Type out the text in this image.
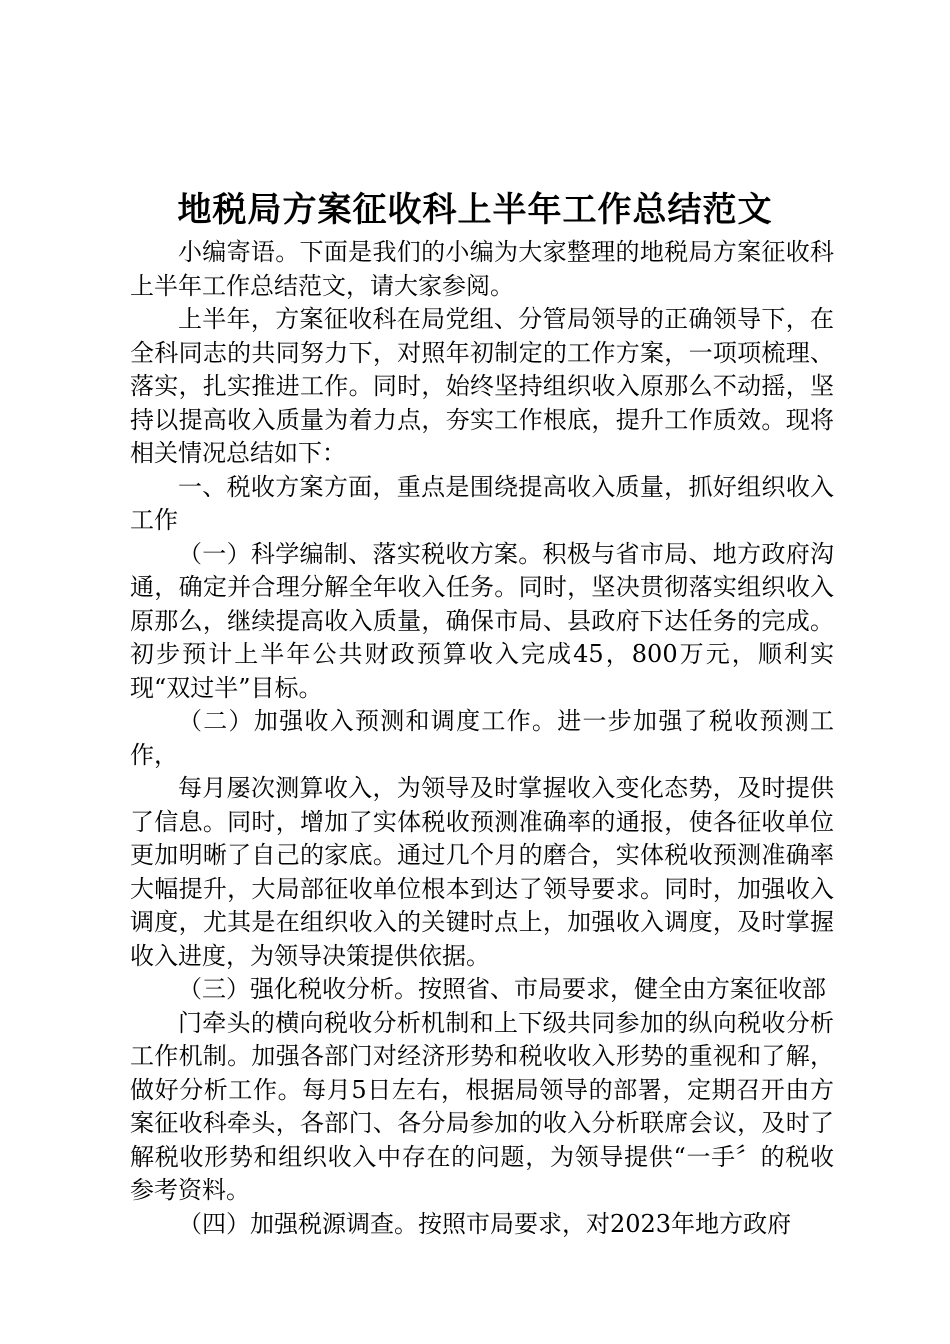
地税局方案征收科上半年工作总结范文

小编寄语。下面是我们的小编为大家整理的地税局方案征收科上半年工作总结范文，请大家参阅。

上半年，方案征收科在局党组、分管局领导的正确领导下，在全科同志的共同努力下，对照年初制定的工作方案，一项项梳理、落实，扎实推进工作。同时，始终坚持组织收入原那么不动摇，坚持以提高收入质量为着力点，夯实工作根底，提升工作质效。现将相关情况总结如下：

一、税收方案方面，重点是围绕提高收入质量，抓好组织收入工作

（一）科学编制、落实税收方案。积极与省市局、地方政府沟通，确定并合理分解全年收入任务。同时，坚决贯彻落实组织收入原那么，继续提高收入质量，确保市局、县政府下达任务的完成。初步预计上半年公共财政预算收入完成45，800万元，顺利实现“双过半”目标。

（二）加强收入预测和调度工作。进一步加强了税收预测工作，

每月屡次测算收入，为领导及时掌握收入变化态势，及时提供了信息。同时，增加了实体税收预测准确率的通报，使各征收单位更加明晰了自己的家底。通过几个月的磨合，实体税收预测准确率大幅提升，大局部征收单位根本到达了领导要求。同时，加强收入调度，尤其是在组织收入的关键时点上，加强收入调度，及时掌握收入进度，为领导决策提供依据。

（三）强化税收分析。按照省、市局要求，健全由方案征收部

门牵头的横向税收分析机制和上下级共同参加的纵向税收分析工作机制。加强各部门对经济形势和税收收入形势的重视和了解，做好分析工作。每月5日左右，根据局领导的部署，定期召开由方案征收科牵头，各部门、各分局参加的收入分析联席会议，及时了解税收形势和组织收入中存在的问题，为领导提供“一手〞的税收参考资料。

（四）加强税源调查。按照市局要求，对2023年地方政府
